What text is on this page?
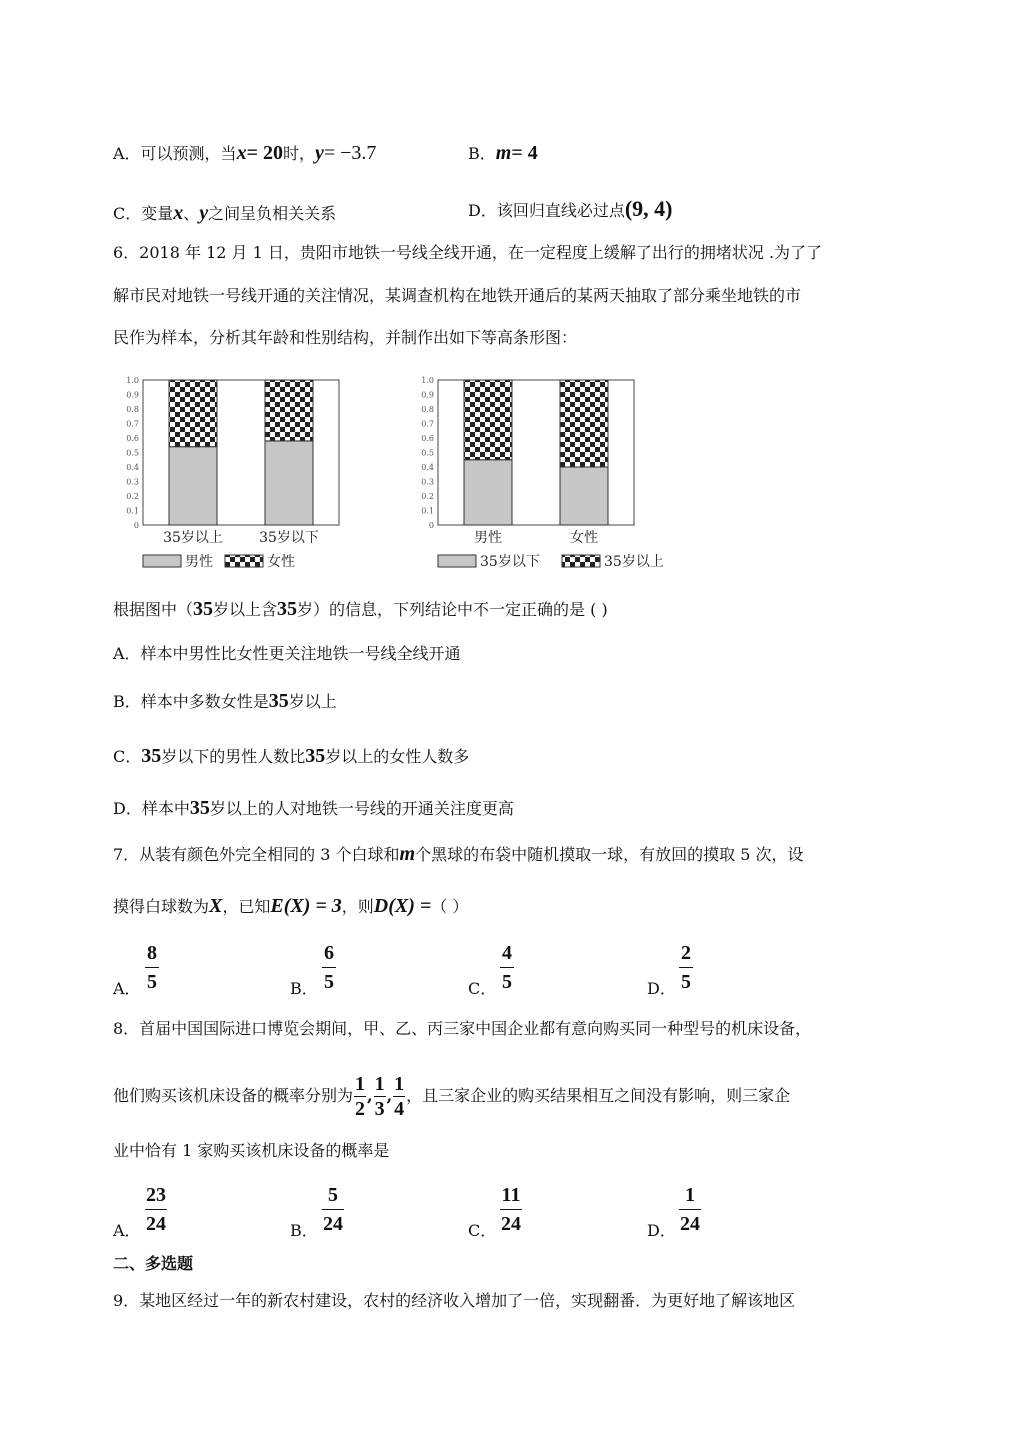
A．可以预测，当x= 20时，y= −3.7	B．m= 4
C．变量x、y之间呈负相关关系	D．该回归直线必过点(9, 4)
6．2018 年 12 月 1 日，贵阳市地铁一号线全线开通，在一定程度上缓解了出行的拥堵状况 .为了了
解市民对地铁一号线开通的关注情况，某调查机构在地铁开通后的某两天抽取了部分乘坐地铁的市
民作为样本，分析其年龄和性别结构，并制作出如下等高条形图：
0
0.1
0.2
0.3
0.4
0.5
0.6
0.7
0.8
0.9
1.0
35岁以上	35岁以下
男性	女性
0
0.1
0.2
0.3
0.4
0.5
0.6
0.7
0.8
0.9
1.0
男性	女性
35岁以下	35岁以上
根据图中（35岁以上含35岁）的信息，下列结论中不一定正确的是 ( )
A．样本中男性比女性更关注地铁一号线全线开通
B．样本中多数女性是35岁以上
C．35岁以下的男性人数比35岁以上的女性人数多
D．样本中35岁以上的人对地铁一号线的开通关注度更高
7．从装有颜色外完全相同的 3 个白球和m个黑球的布袋中随机摸取一球，有放回的摸取 5 次，设
摸得白球数为X，已知E(X) = 3，则D(X) =（ ）
A．
8
5	B．
6
5	C．
4
5	D．
2
5
8．首届中国国际进口博览会期间，甲、乙、丙三家中国企业都有意向购买同一种型号的机床设备，
他们购买该机床设备的概率分别为 $\frac{1}{2}$ , $\frac{1}{3}$ , $\frac{1}{4}$ ，且三家企业的购买结果相互之间没有影响，则三家企
业中恰有 1 家购买该机床设备的概率是
A．
23
24	B．
5
24	C．
11
24	D．
1
24
二、多选题
9．某地区经过一年的新农村建设，农村的经济收入增加了一倍，实现翻番．为更好地了解该地区
